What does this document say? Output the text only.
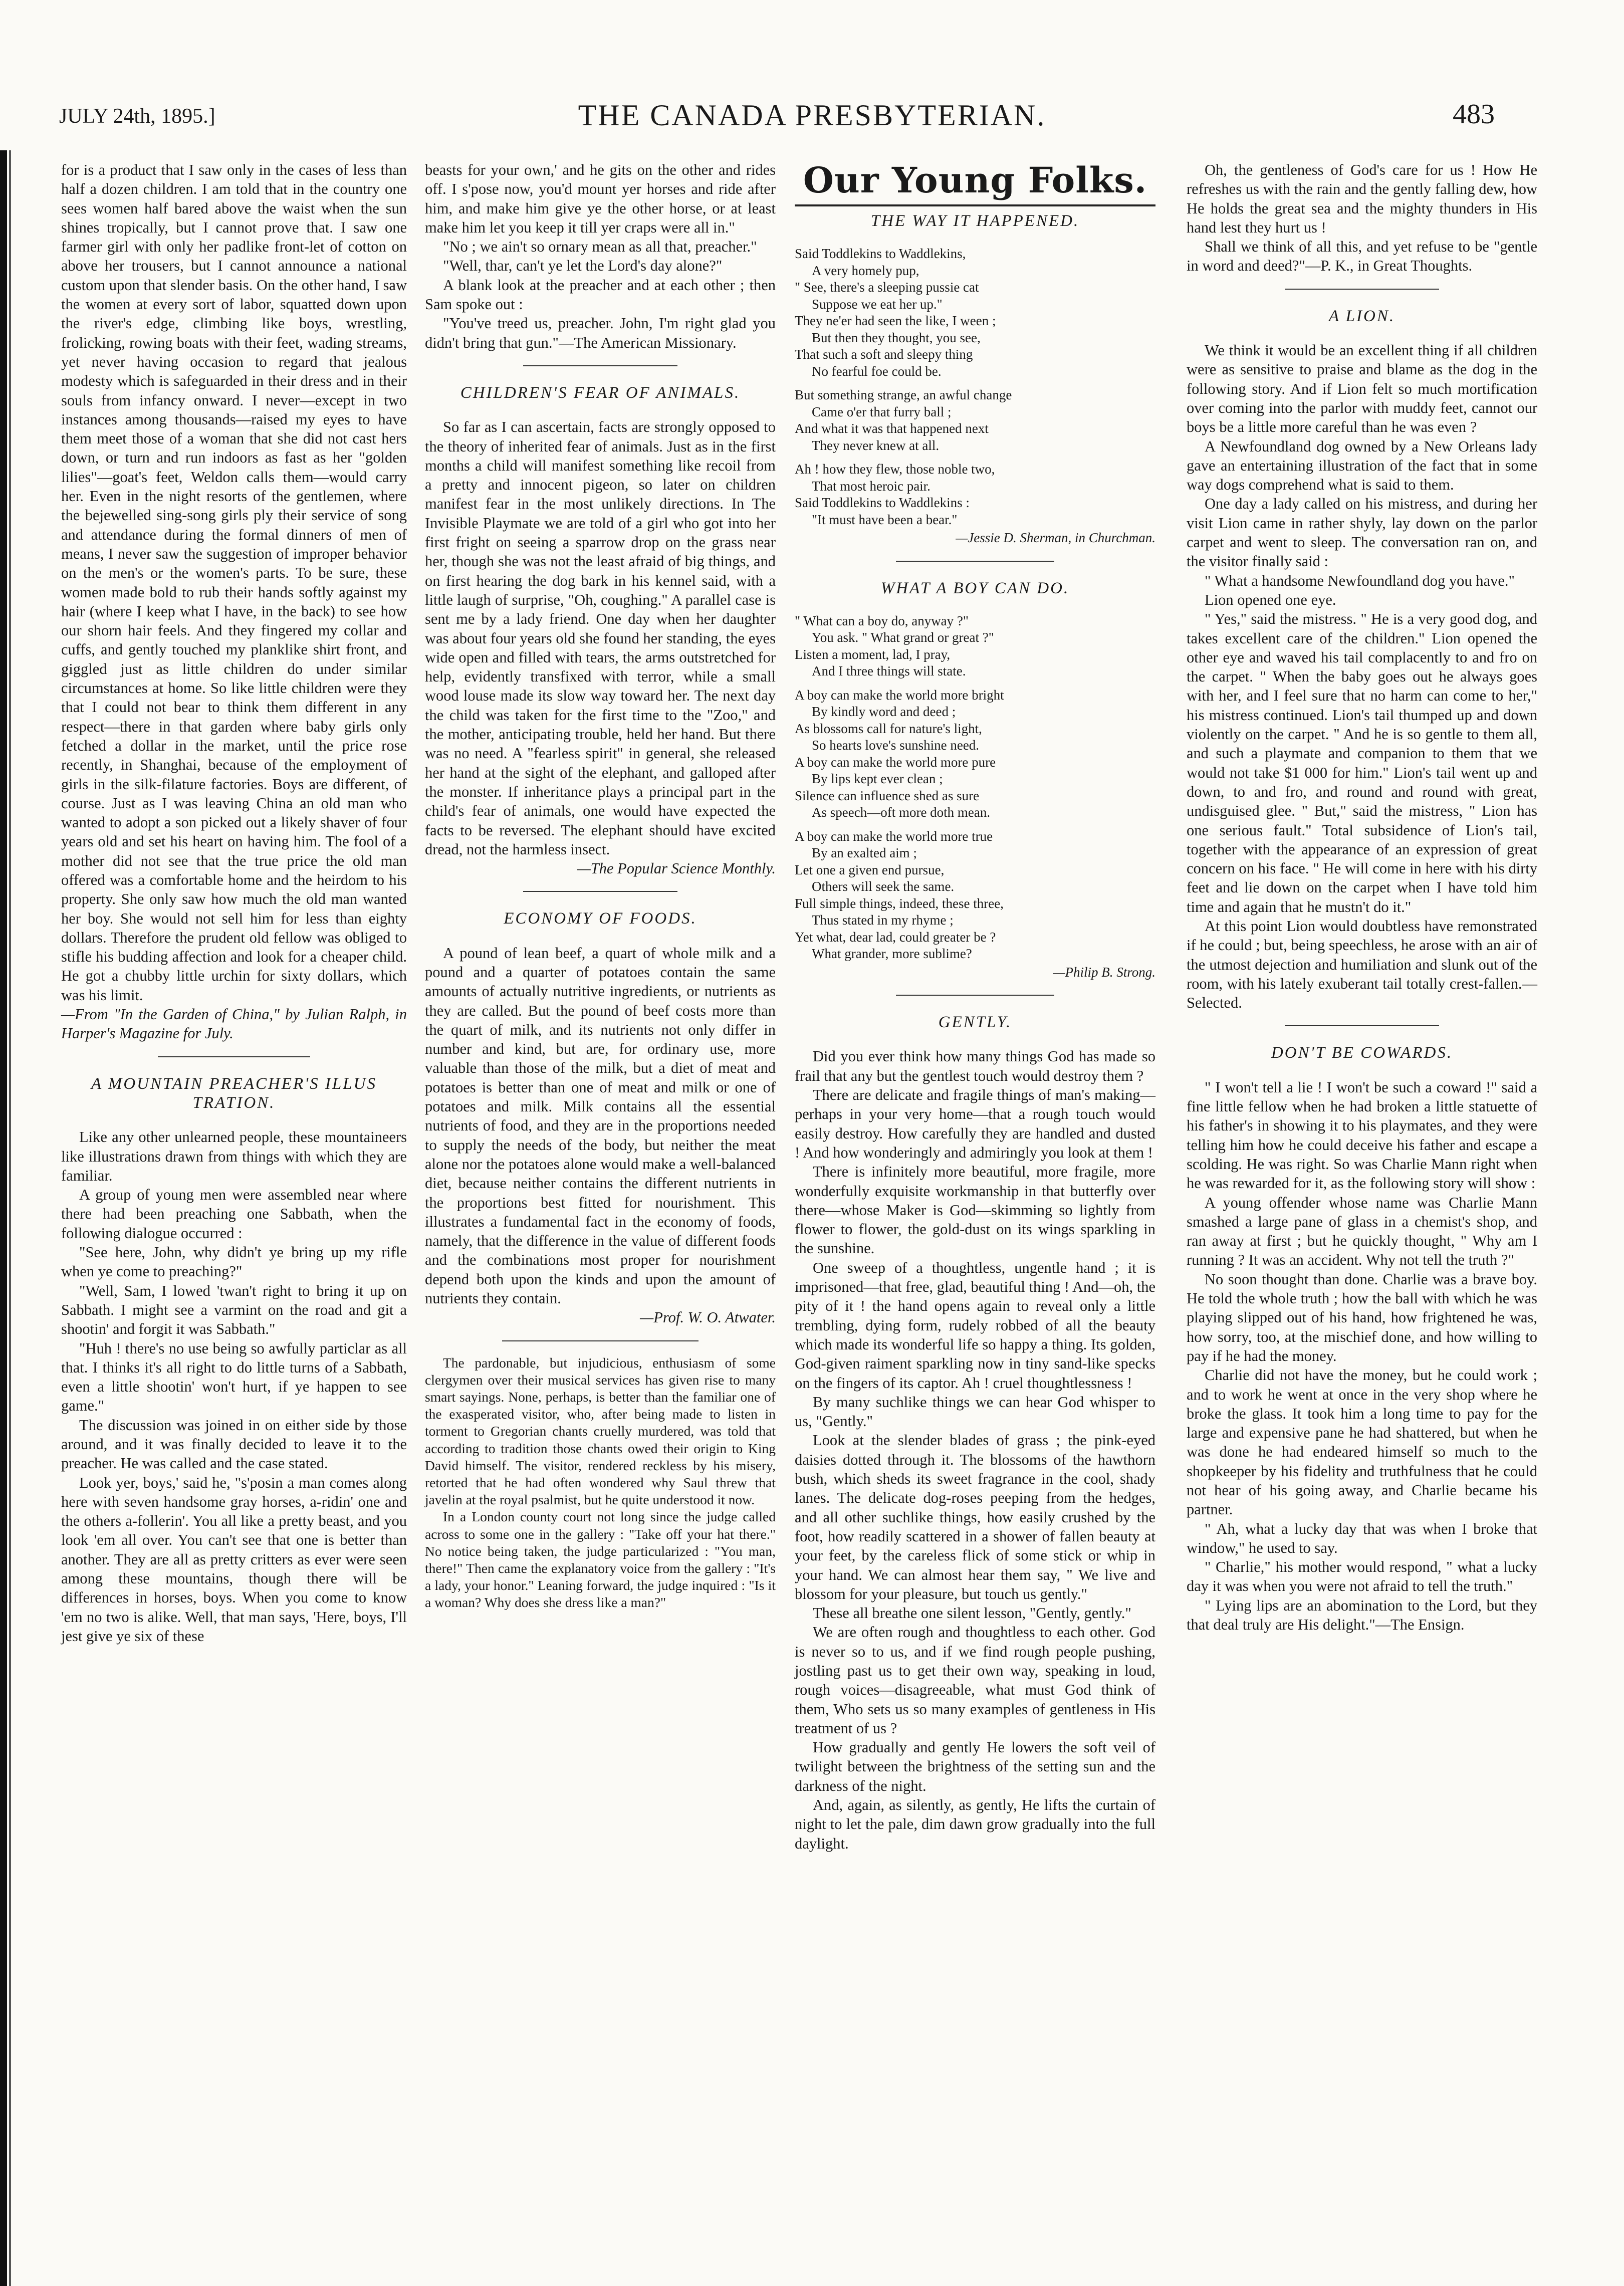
JULY 24th, 1895.]	THE CANADA PRESBYTERIAN.	483

for is a product that I saw only in the cases of less than half a dozen children. I am told that in the country one sees women half bared above the waist when the sun shines tropically, but I cannot prove that. I saw one farmer girl with only her padlike front-let of cotton on above her trousers, but I cannot announce a national custom upon that slender basis. On the other hand, I saw the women at every sort of labor, squatted down upon the river's edge, climbing like boys, wrestling, frolicking, rowing boats with their feet, wading streams, yet never having occasion to regard that jealous modesty which is safeguarded in their dress and in their souls from infancy onward. I never—except in two instances among thousands—raised my eyes to have them meet those of a woman that she did not cast hers down, or turn and run indoors as fast as her "golden lilies"—goat's feet, Weldon calls them—would carry her. Even in the night resorts of the gentlemen, where the bejewelled sing-song girls ply their service of song and attendance during the formal dinners of men of means, I never saw the suggestion of improper behavior on the men's or the women's parts. To be sure, these women made bold to rub their hands softly against my hair (where I keep what I have, in the back) to see how our shorn hair feels. And they fingered my collar and cuffs, and gently touched my planklike shirt front, and giggled just as little children do under similar circumstances at home. So like little children were they that I could not bear to think them different in any respect—there in that garden where baby girls only fetched a dollar in the market, until the price rose recently, in Shanghai, because of the employment of girls in the silk-filature factories. Boys are different, of course. Just as I was leaving China an old man who wanted to adopt a son picked out a likely shaver of four years old and set his heart on having him. The fool of a mother did not see that the true price the old man offered was a comfortable home and the heirdom to his property. She only saw how much the old man wanted her boy. She would not sell him for less than eighty dollars. Therefore the prudent old fellow was obliged to stifle his budding affection and look for a cheaper child. He got a chubby little urchin for sixty dollars, which was his limit.

—From "In the Garden of China," by Julian Ralph, in Harper's Magazine for July.

A MOUNTAIN PREACHER'S ILLUS TRATION.

Like any other unlearned people, these mountaineers like illustrations drawn from things with which they are familiar.

A group of young men were assembled near where there had been preaching one Sabbath, when the following dialogue occurred :

"See here, John, why didn't ye bring up my rifle when ye come to preaching?"

"Well, Sam, I lowed 'twan't right to bring it up on Sabbath. I might see a varmint on the road and git a shootin' and forgit it was Sabbath."

"Huh ! there's no use being so awfully particlar as all that. I thinks it's all right to do little turns of a Sabbath, even a little shootin' won't hurt, if ye happen to see game."

The discussion was joined in on either side by those around, and it was finally decided to leave it to the preacher. He was called and the case stated.

Look yer, boys,' said he, "s'posin a man comes along here with seven handsome gray horses, a-ridin' one and the others a-follerin'. You all like a pretty beast, and you look 'em all over. You can't see that one is better than another. They are all as pretty critters as ever were seen among these mountains, though there will be differences in horses, boys. When you come to know 'em no two is alike. Well, that man says, 'Here, boys, I'll jest give ye six of these

beasts for your own,' and he gits on the other and rides off. I s'pose now, you'd mount yer horses and ride after him, and make him give ye the other horse, or at least make him let you keep it till yer craps were all in."

"No ; we ain't so ornary mean as all that, preacher."

"Well, thar, can't ye let the Lord's day alone?"

A blank look at the preacher and at each other ; then Sam spoke out :

"You've treed us, preacher. John, I'm right glad you didn't bring that gun."—The American Missionary.

CHILDREN'S FEAR OF ANIMALS.

So far as I can ascertain, facts are strongly opposed to the theory of inherited fear of animals. Just as in the first months a child will manifest something like recoil from a pretty and innocent pigeon, so later on children manifest fear in the most unlikely directions. In The Invisible Playmate we are told of a girl who got into her first fright on seeing a sparrow drop on the grass near her, though she was not the least afraid of big things, and on first hearing the dog bark in his kennel said, with a little laugh of surprise, "Oh, coughing." A parallel case is sent me by a lady friend. One day when her daughter was about four years old she found her standing, the eyes wide open and filled with tears, the arms outstretched for help, evidently transfixed with terror, while a small wood louse made its slow way toward her. The next day the child was taken for the first time to the "Zoo," and the mother, anticipating trouble, held her hand. But there was no need. A "fearless spirit" in general, she released her hand at the sight of the elephant, and galloped after the monster. If inheritance plays a principal part in the child's fear of animals, one would have expected the facts to be reversed. The elephant should have excited dread, not the harmless insect.

—The Popular Science Monthly.

ECONOMY OF FOODS.

A pound of lean beef, a quart of whole milk and a pound and a quarter of potatoes contain the same amounts of actually nutritive ingredients, or nutrients as they are called. But the pound of beef costs more than the quart of milk, and its nutrients not only differ in number and kind, but are, for ordinary use, more valuable than those of the milk, but a diet of meat and potatoes is better than one of meat and milk or one of potatoes and milk. Milk contains all the essential nutrients of food, and they are in the proportions needed to supply the needs of the body, but neither the meat alone nor the potatoes alone would make a well-balanced diet, because neither contains the different nutrients in the proportions best fitted for nourishment. This illustrates a fundamental fact in the economy of foods, namely, that the difference in the value of different foods and the combinations most proper for nourishment depend both upon the kinds and upon the amount of nutrients they contain.

—Prof. W. O. Atwater.

The pardonable, but injudicious, enthusiasm of some clergymen over their musical services has given rise to many smart sayings. None, perhaps, is better than the familiar one of the exasperated visitor, who, after being made to listen in torment to Gregorian chants cruelly murdered, was told that according to tradition those chants owed their origin to King David himself. The visitor, rendered reckless by his misery, retorted that he had often wondered why Saul threw that javelin at the royal psalmist, but he quite understood it now.

In a London county court not long since the judge called across to some one in the gallery : "Take off your hat there." No notice being taken, the judge particularized : "You man, there!" Then came the explanatory voice from the gallery : "It's a lady, your honor." Leaning forward, the judge inquired : "Is it a woman? Why does she dress like a man?"

Our Young Folks.
THE WAY IT HAPPENED.

Said Toddlekins to Waddlekins,

A very homely pup,

" See, there's a sleeping pussie cat

Suppose we eat her up."

They ne'er had seen the like, I ween ;

But then they thought, you see,

That such a soft and sleepy thing

No fearful foe could be.

But something strange, an awful change

Came o'er that furry ball ;

And what it was that happened next

They never knew at all.

Ah ! how they flew, those noble two,

That most heroic pair.

Said Toddlekins to Waddlekins :

"It must have been a bear."

—Jessie D. Sherman, in Churchman.

WHAT A BOY CAN DO.

" What can a boy do, anyway ?"

You ask. " What grand or great ?"

Listen a moment, lad, I pray,

And I three things will state.

A boy can make the world more bright

By kindly word and deed ;

As blossoms call for nature's light,

So hearts love's sunshine need.

A boy can make the world more pure

By lips kept ever clean ;

Silence can influence shed as sure

As speech—oft more doth mean.

A boy can make the world more true

By an exalted aim ;

Let one a given end pursue,

Others will seek the same.

Full simple things, indeed, these three,

Thus stated in my rhyme ;

Yet what, dear lad, could greater be ?

What grander, more sublime?

—Philip B. Strong.

GENTLY.

Did you ever think how many things God has made so frail that any but the gentlest touch would destroy them ?

There are delicate and fragile things of man's making—perhaps in your very home—that a rough touch would easily destroy. How carefully they are handled and dusted ! And how wonderingly and admiringly you look at them !

There is infinitely more beautiful, more fragile, more wonderfully exquisite workmanship in that butterfly over there—whose Maker is God—skimming so lightly from flower to flower, the gold-dust on its wings sparkling in the sunshine.

One sweep of a thoughtless, ungentle hand ; it is imprisoned—that free, glad, beautiful thing ! And—oh, the pity of it ! the hand opens again to reveal only a little trembling, dying form, rudely robbed of all the beauty which made its wonderful life so happy a thing. Its golden, God-given raiment sparkling now in tiny sand-like specks on the fingers of its captor. Ah ! cruel thoughtlessness !

By many suchlike things we can hear God whisper to us, "Gently."

Look at the slender blades of grass ; the pink-eyed daisies dotted through it. The blossoms of the hawthorn bush, which sheds its sweet fragrance in the cool, shady lanes. The delicate dog-roses peeping from the hedges, and all other suchlike things, how easily crushed by the foot, how readily scattered in a shower of fallen beauty at your feet, by the careless flick of some stick or whip in your hand. We can almost hear them say, " We live and blossom for your pleasure, but touch us gently."

These all breathe one silent lesson, "Gently, gently."

We are often rough and thoughtless to each other. God is never so to us, and if we find rough people pushing, jostling past us to get their own way, speaking in loud, rough voices—disagreeable, what must God think of them, Who sets us so many examples of gentleness in His treatment of us ?

How gradually and gently He lowers the soft veil of twilight between the brightness of the setting sun and the darkness of the night.

And, again, as silently, as gently, He lifts the curtain of night to let the pale, dim dawn grow gradually into the full daylight.

Oh, the gentleness of God's care for us ! How He refreshes us with the rain and the gently falling dew, how He holds the great sea and the mighty thunders in His hand lest they hurt us !

Shall we think of all this, and yet refuse to be "gentle in word and deed?"—P. K., in Great Thoughts.

A LION.

We think it would be an excellent thing if all children were as sensitive to praise and blame as the dog in the following story. And if Lion felt so much mortification over coming into the parlor with muddy feet, cannot our boys be a little more careful than he was even ?

A Newfoundland dog owned by a New Orleans lady gave an entertaining illustration of the fact that in some way dogs comprehend what is said to them.

One day a lady called on his mistress, and during her visit Lion came in rather shyly, lay down on the parlor carpet and went to sleep. The conversation ran on, and the visitor finally said :

" What a handsome Newfoundland dog you have."

Lion opened one eye.

" Yes," said the mistress. " He is a very good dog, and takes excellent care of the children." Lion opened the other eye and waved his tail complacently to and fro on the carpet. " When the baby goes out he always goes with her, and I feel sure that no harm can come to her," his mistress continued. Lion's tail thumped up and down violently on the carpet. " And he is so gentle to them all, and such a playmate and companion to them that we would not take $1 000 for him." Lion's tail went up and down, to and fro, and round and round with great, undisguised glee. " But," said the mistress, " Lion has one serious fault." Total subsidence of Lion's tail, together with the appearance of an expression of great concern on his face. " He will come in here with his dirty feet and lie down on the carpet when I have told him time and again that he mustn't do it."

At this point Lion would doubtless have remonstrated if he could ; but, being speechless, he arose with an air of the utmost dejection and humiliation and slunk out of the room, with his lately exuberant tail totally crest-fallen.—Selected.

DON'T BE COWARDS.

" I won't tell a lie ! I won't be such a coward !" said a fine little fellow when he had broken a little statuette of his father's in showing it to his playmates, and they were telling him how he could deceive his father and escape a scolding. He was right. So was Charlie Mann right when he was rewarded for it, as the following story will show :

A young offender whose name was Charlie Mann smashed a large pane of glass in a chemist's shop, and ran away at first ; but he quickly thought, " Why am I running ? It was an accident. Why not tell the truth ?"

No soon thought than done. Charlie was a brave boy. He told the whole truth ; how the ball with which he was playing slipped out of his hand, how frightened he was, how sorry, too, at the mischief done, and how willing to pay if he had the money.

Charlie did not have the money, but he could work ; and to work he went at once in the very shop where he broke the glass. It took him a long time to pay for the large and expensive pane he had shattered, but when he was done he had endeared himself so much to the shopkeeper by his fidelity and truthfulness that he could not hear of his going away, and Charlie became his partner.

" Ah, what a lucky day that was when I broke that window," he used to say.

" Charlie," his mother would respond, " what a lucky day it was when you were not afraid to tell the truth."

" Lying lips are an abomination to the Lord, but they that deal truly are His delight."—The Ensign.
